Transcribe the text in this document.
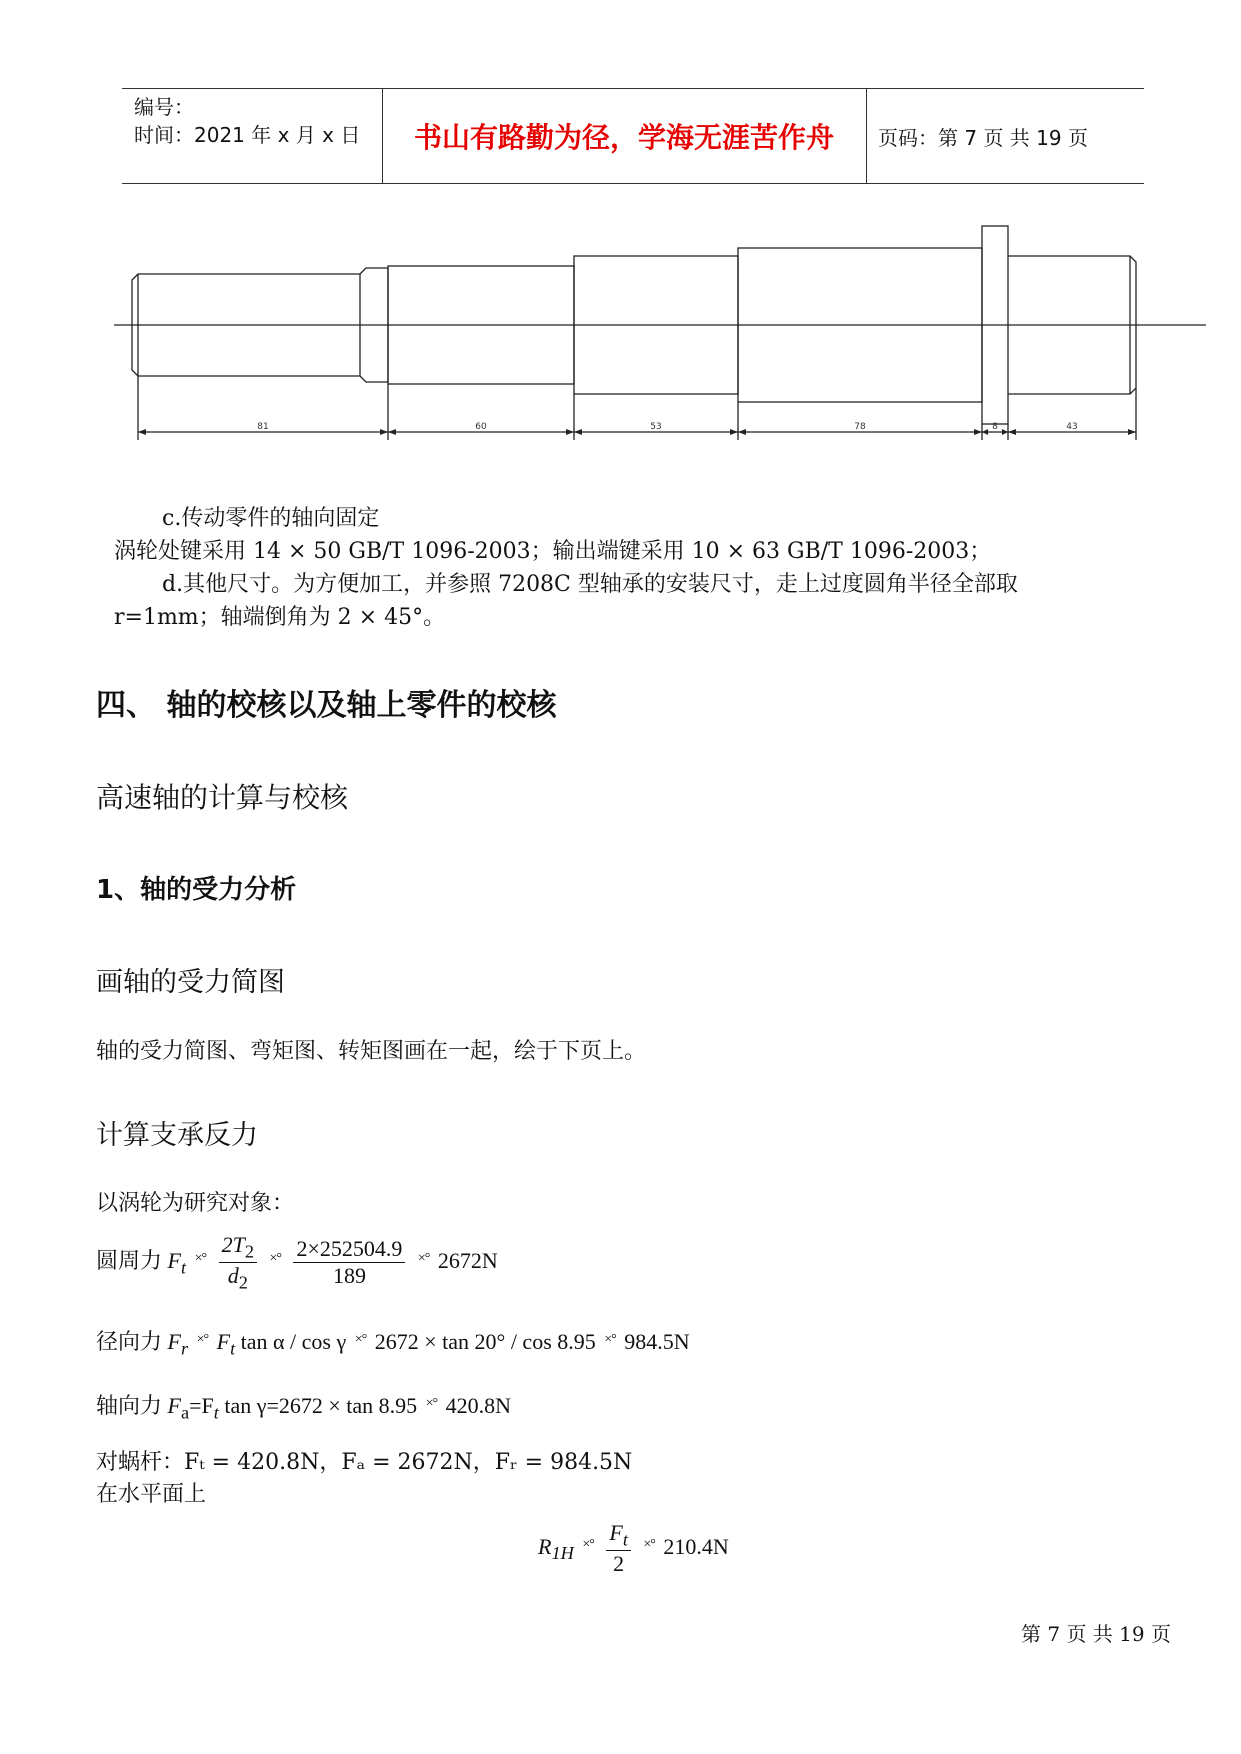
编号：
时间：2021 年 x 月 x 日	书山有路勤为径，学海无涯苦作舟	页码：第 7 页 共 19 页
81	60	53	78	8	43
c.传动零件的轴向固定
涡轮处键采用 14 × 50 GB/T 1096-2003；输出端键采用 10 × 63 GB/T 1096-2003；
d.其他尺寸。为方便加工，并参照 7208C 型轴承的安装尺寸，走上过度圆角半径全部取
r=1mm；轴端倒角为 2 × 45°。
四、 轴的校核以及轴上零件的校核
高速轴的计算与校核
1、轴的受力分析
画轴的受力简图
轴的受力简图、弯矩图、转矩图画在一起，绘于下页上。
计算支承反力
以涡轮为研究对象：
圆周力 $F_t$ $^{\times^\circ} \frac{2T_2}{d_2} ^{\times^\circ} \frac{2\times 252504.9}{189} ^{\times^\circ}$ 2672N
径向力 $F_r$ ×° $F_t$ tan α / cos γ ×° 2672 × tan 20° / cos 8.95 ×° 984.5N
轴向力 $F_a=F_t$ tan γ=2672 × tan 8.95 ×° 420.8N
对蜗杆：Fₜ = 420.8N，Fₐ = 2672N，Fᵣ = 984.5N
在水平面上
$R_{1H}$ $^{\times^\circ} \frac{F_t}{2} ^{\times^\circ}$ 210.4N
第 7 页 共 19 页
